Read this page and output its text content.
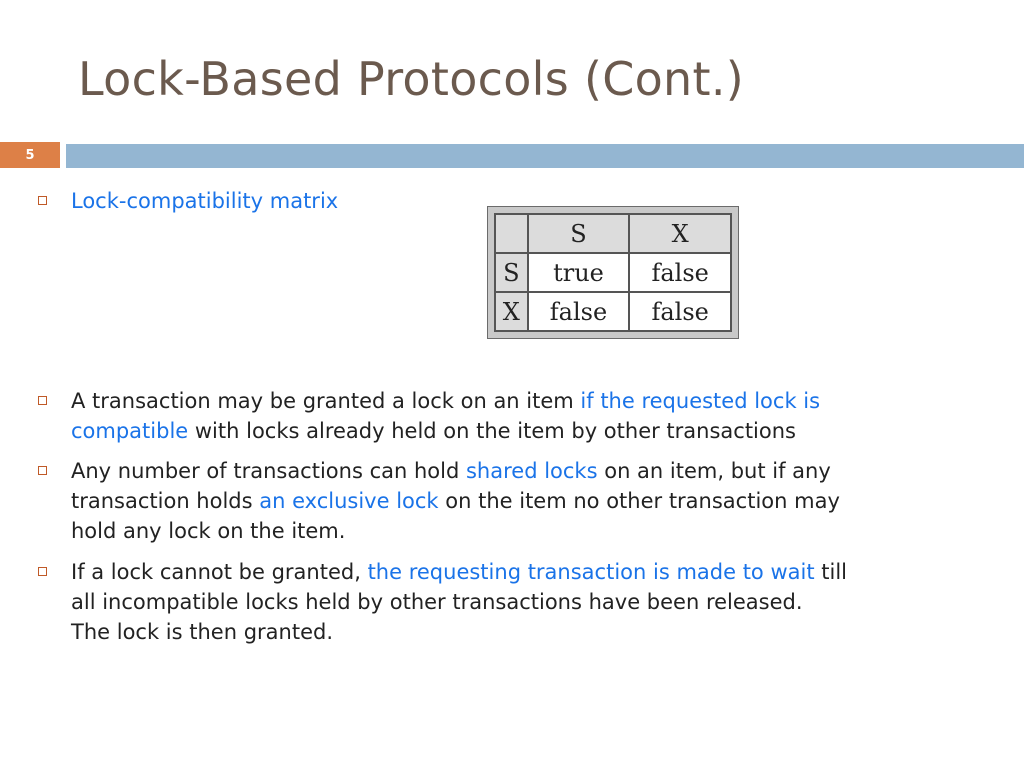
Lock-Based Protocols (Cont.)
5
Lock-compatibility matrix
	S	X
S	true	false
X	false	false
A transaction may be granted a lock on an item if the requested lock is
compatible with locks already held on the item by other transactions
Any number of transactions can hold shared locks on an item, but if any
transaction holds an exclusive lock on the item no other transaction may
hold any lock on the item.
If a lock cannot be granted, the requesting transaction is made to wait till
all incompatible locks held by other transactions have been released.
The lock is then granted.
